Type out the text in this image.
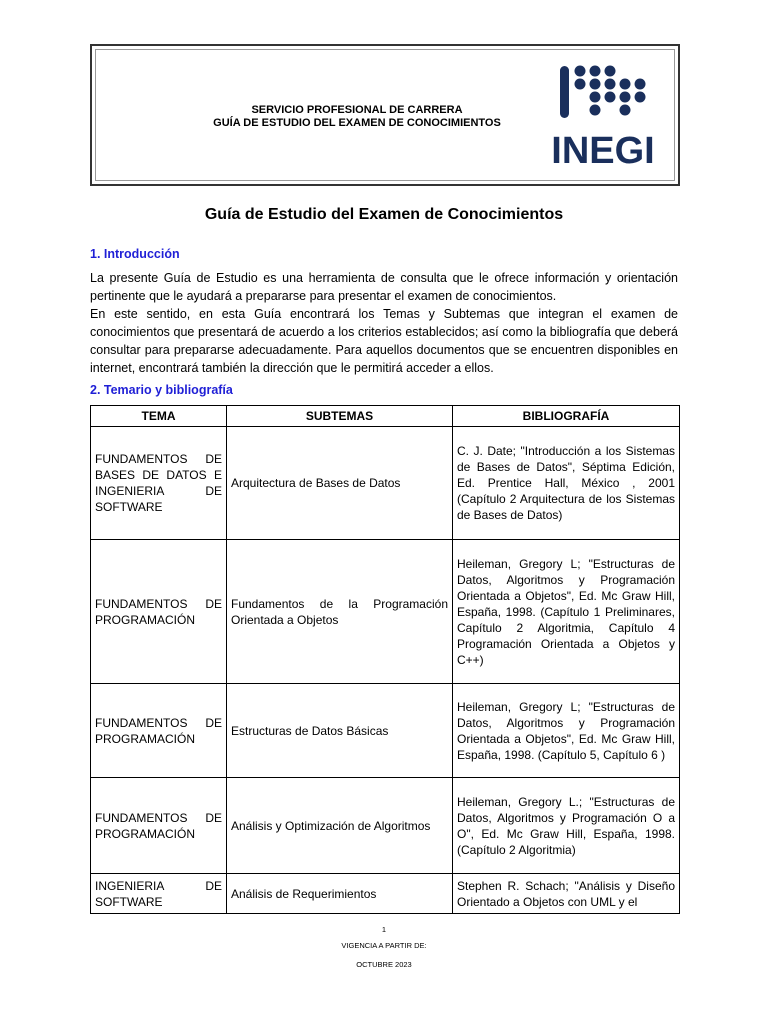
SERVICIO PROFESIONAL DE CARRERA
GUÍA DE ESTUDIO DEL EXAMEN DE CONOCIMIENTOS
INEGI
Guía de Estudio del Examen de Conocimientos
1. Introducción

La presente Guía de Estudio es una herramienta de consulta que le ofrece información y orientación pertinente que le ayudará a prepararse para presentar el examen de conocimientos.

En este sentido, en esta Guía encontrará los Temas y Subtemas que integran el examen de conocimientos que presentará de acuerdo a los criterios establecidos; así como la bibliografía que deberá consultar para prepararse adecuadamente. Para aquellos documentos que se encuentren disponibles en internet, encontrará también la dirección que le permitirá acceder a ellos.

2. Temario y bibliografía
TEMA	SUBTEMAS	BIBLIOGRAFÍA
FUNDAMENTOS DE BASES DE DATOS E INGENIERIA DE SOFTWARE	Arquitectura de Bases de Datos	C. J. Date; "Introducción a los Sistemas de Bases de Datos", Séptima Edición, Ed. Prentice Hall, México , 2001 (Capítulo 2 Arquitectura de los Sistemas de Bases de Datos)
FUNDAMENTOS DE PROGRAMACIÓN	Fundamentos de la Programación Orientada a Objetos	Heileman, Gregory L; "Estructuras de Datos, Algoritmos y Programación Orientada a Objetos", Ed. Mc Graw Hill, España, 1998. (Capítulo 1 Preliminares, Capítulo 2 Algoritmia, Capítulo 4 Programación Orientada a Objetos y C++)
FUNDAMENTOS DE PROGRAMACIÓN	Estructuras de Datos Básicas	Heileman, Gregory L; "Estructuras de Datos, Algoritmos y Programación Orientada a Objetos", Ed. Mc Graw Hill, España, 1998. (Capítulo 5, Capítulo 6 )
FUNDAMENTOS DE PROGRAMACIÓN	Análisis y Optimización de Algoritmos	Heileman, Gregory L.; "Estructuras de Datos, Algoritmos y Programación O a O", Ed. Mc Graw Hill, España, 1998. (Capítulo 2 Algoritmia)
INGENIERIA DE SOFTWARE	Análisis de Requerimientos	Stephen R. Schach; "Análisis y Diseño Orientado a Objetos con UML y el
1
VIGENCIA A PARTIR DE:
OCTUBRE 2023
